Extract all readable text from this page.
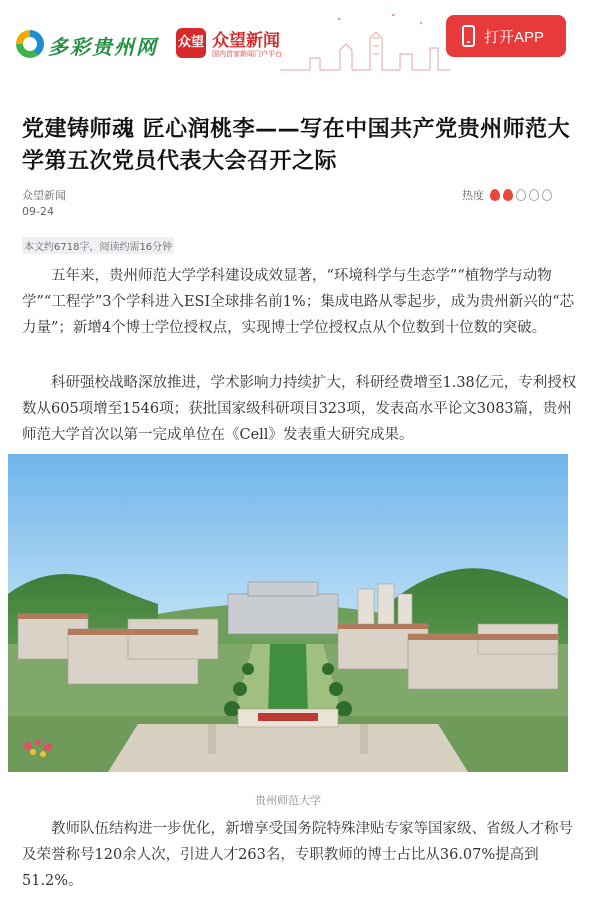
多彩贵州网 众望 众望新闻
国内首家新闻门户平台
打开APP
党建铸师魂 匠心润桃李——写在中国共产党贵州师范大学第五次党员代表大会召开之际
众望新闻
09-24
热度
本文约6718字，阅读约需16分钟

五年来，贵州师范大学学科建设成效显著，“环境科学与生态学”“植物学与动物学”“工程学”3个学科进入ESI全球排名前1%；集成电路从零起步，成为贵州新兴的“芯力量”；新增4个博士学位授权点，实现博士学位授权点从个位数到十位数的突破。

科研强校战略深放推进，学术影响力持续扩大，科研经费增至1.38亿元，专利授权数从605项增至1546项；获批国家级科研项目323项，发表高水平论文3083篇，贵州师范大学首次以第一完成单位在《Cell》发表重大研究成果。

贵州师范大学

教师队伍结构进一步优化，新增享受国务院特殊津贴专家等国家级、省级人才称号及荣誉称号120余人次，引进人才263名，专职教师的博士占比从36.07%提高到51.2%。
